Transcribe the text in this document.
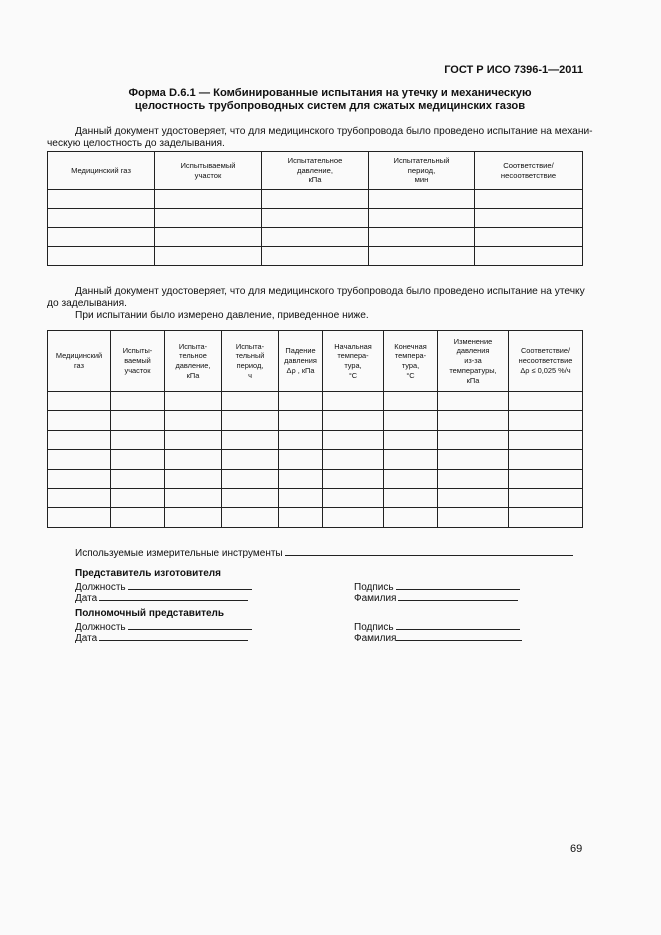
ГОСТ Р ИСО 7396-1—2011
Форма D.6.1 — Комбинированные испытания на утечку и механическую
целостность трубопроводных систем для сжатых медицинских газов
Данный документ удостоверяет, что для медицинского трубопровода было проведено испытание на механи-
ческую целостность до заделывания.
Медицинский газ	Испытываемый
участок	Испытательное
давление,
кПа	Испытательный
период,
мин	Соответствие/
несоответствие

Данный документ удостоверяет, что для медицинского трубопровода было проведено испытание на утечку
до заделывания.
При испытании было измерено давление, приведенное ниже.
Медицинский
газ	Испыты-
ваемый
участок	Испыта-
тельное
давление,
кПа	Испыта-
тельный
период,
ч	Падение
давления
Δρ , кПа	Начальная
темпера-
тура,
°C	Конечная
темпера-
тура,
°C	Изменение
давления
из-за
температуры,
кПа	Соответствие/
несоответствие
Δρ ≤ 0,025 %/ч

Используемые измерительные инструменты
Представитель изготовителя
Должность
Дата
Подпись
Фамилия
Полномочный представитель
Должность
Дата
Подпись
Фамилия
69
